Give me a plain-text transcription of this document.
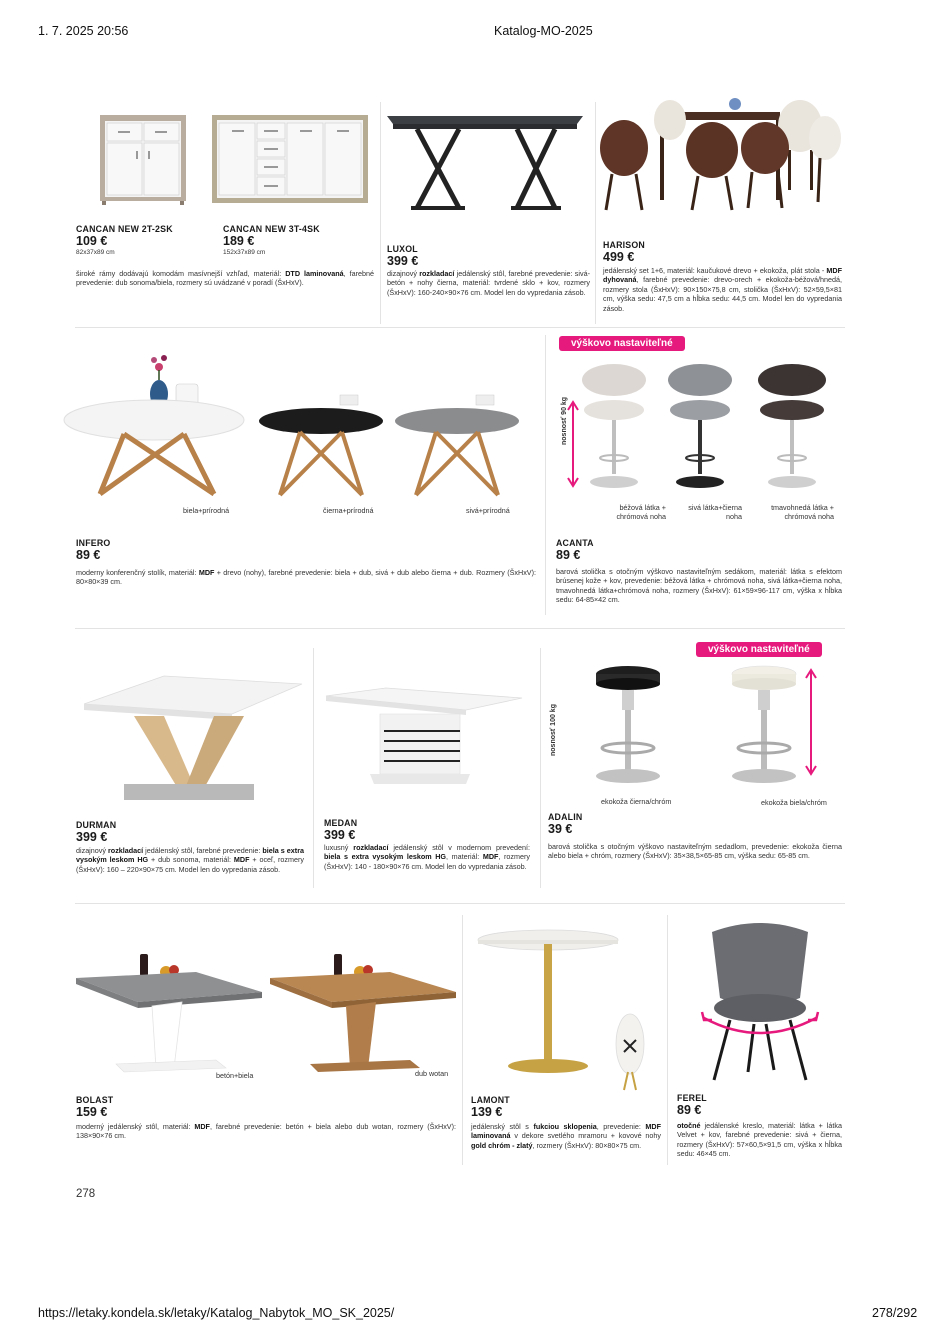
1. 7. 2025 20:56	Katalog-MO-2025
https://letaky.kondela.sk/letaky/Katalog_Nabytok_MO_SK_2025/	278/292
278
CANCAN NEW 2T-2SK
109 €
82x37x89 cm
CANCAN NEW 3T-4SK
189 €
152x37x89 cm
široké rámy dodávajú komodám masívnejší vzhľad, materiál: DTD laminovaná, farebné prevedenie: dub sonoma/biela, rozmery sú uvádzané v poradí (ŠxHxV).
LUXOL
399 €
dizajnový rozkladací jedálenský stôl, farebné prevedenie: sivá-betón + nohy čierna, materiál: tvrdené sklo + kov, rozmery (ŠxHxV): 160-240×90×76 cm. Model len do vypredania zásob.
HARISON
499 €
jedálenský set 1+6, materiál: kaučukové drevo + ekokoža, plát stola - MDF dyhovaná, farebné prevedenie: drevo-orech + ekokoža-béžová/hnedá, rozmery stola (ŠxHxV): 90×150×75,8 cm, stolička (ŠxHxV): 52×59,5×81 cm, výška sedu: 47,5 cm a hĺbka sedu: 44,5 cm. Model len do vypredania zásob.
biela+prírodná	čierna+prírodná	sivá+prírodná
INFERO
89 €
moderny konferenčný stolík, materiál: MDF + drevo (nohy), farebné prevedenie: biela + dub, sivá + dub alebo čierna + dub. Rozmery (ŠxHxV): 80×80×39 cm.
výškovo nastaviteľné
nosnosť 90 kg
béžová látka +
chrómová noha
sivá látka+čierna
noha
tmavohnedá látka +
chrómová noha
ACANTA
89 €
barová stolička s otočným výškovo nastaviteľným sedákom, materiál: látka s efektom brúsenej kože + kov, prevedenie: béžová látka + chrómová noha, sivá látka+čierna noha, tmavohnedá látka+chrómová noha, rozmery (ŠxHxV): 61×59×96-117 cm, výška x hĺbka sedu: 64-85×42 cm.
DURMAN
399 €
dizajnový rozkladací jedálenský stôl, farebné prevedenie: biela s extra vysokým leskom HG + dub sonoma, materiál: MDF + oceľ, rozmery (ŠxHxV): 160 – 220×90×75 cm. Model len do vypredania zásob.
MEDAN
399 €
luxusný rozkladací jedálenský stôl v modernom prevedení: biela s extra vysokým leskom HG, materiál: MDF, rozmery (ŠxHxV): 140 - 180×90×76 cm. Model len do vypredania zásob.
výškovo nastaviteľné
nosnosť 100 kg
ekokoža čierna/chróm	ekokoža biela/chróm
ADALIN
39 €
barová stolička s otočným výškovo nastaviteľným sedadlom, prevedenie: ekokoža čierna alebo biela + chróm, rozmery (ŠxHxV): 35×38,5×65-85 cm, výška sedu: 65-85 cm.
betón+biela	dub wotan
BOLAST
159 €
moderný jedálenský stôl, materiál: MDF, farebné prevedenie: betón + biela alebo dub wotan, rozmery (ŠxHxV): 138×90×76 cm.
LAMONT
139 €
jedálenský stôl s fukciou sklopenia, prevedenie: MDF laminovaná v dekore svetlého mramoru + kovové nohy gold chróm - zlatý, rozmery (ŠxHxV): 80×80×75 cm.
FEREL
89 €
otočné jedálenské kreslo, materiál: látka + látka Velvet + kov, farebné prevedenie: sivá + čierna, rozmery (ŠxHxV): 57×60,5×91,5 cm, výška x hĺbka sedu: 46×45 cm.
